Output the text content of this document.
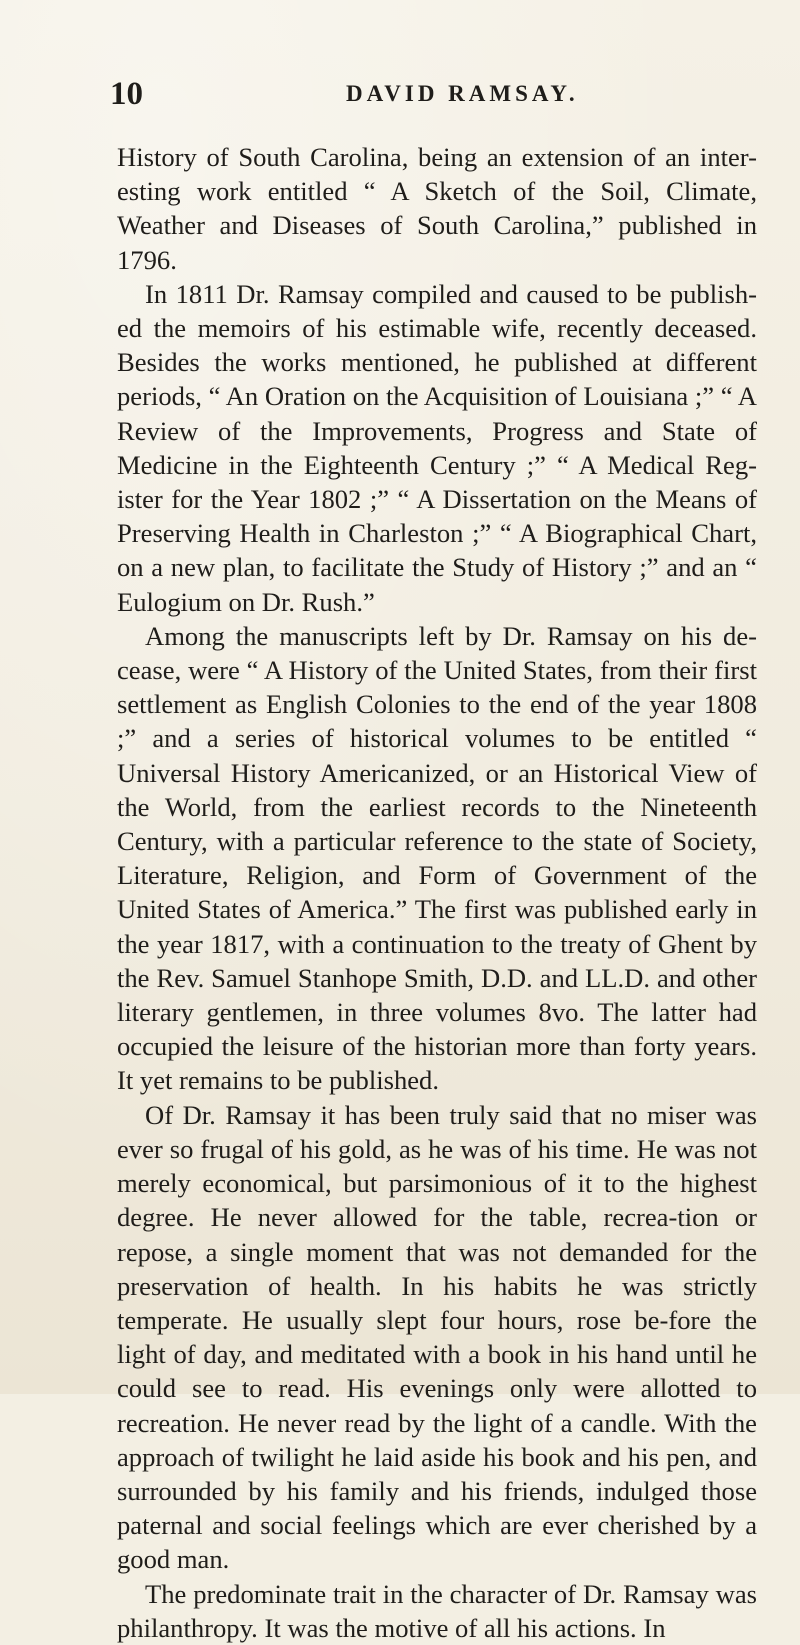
10	DAVID RAMSAY.

History of South Carolina, being an extension of an inter-esting work entitled “ A Sketch of the Soil, Climate, Weather and Diseases of South Carolina,” published in 1796.

In 1811 Dr. Ramsay compiled and caused to be publish-ed the memoirs of his estimable wife, recently deceased. Besides the works mentioned, he published at different periods, “ An Oration on the Acquisition of Louisiana ;” “ A Review of the Improvements, Progress and State of Medicine in the Eighteenth Century ;” “ A Medical Reg-ister for the Year 1802 ;” “ A Dissertation on the Means of Preserving Health in Charleston ;” “ A Biographical Chart, on a new plan, to facilitate the Study of History ;” and an “ Eulogium on Dr. Rush.”

Among the manuscripts left by Dr. Ramsay on his de-cease, were “ A History of the United States, from their first settlement as English Colonies to the end of the year 1808 ;” and a series of historical volumes to be entitled “ Universal History Americanized, or an Historical View of the World, from the earliest records to the Nineteenth Century, with a particular reference to the state of Society, Literature, Religion, and Form of Government of the United States of America.” The first was published early in the year 1817, with a continuation to the treaty of Ghent by the Rev. Samuel Stanhope Smith, D.D. and LL.D. and other literary gentlemen, in three volumes 8vo. The latter had occupied the leisure of the historian more than forty years. It yet remains to be published.

Of Dr. Ramsay it has been truly said that no miser was ever so frugal of his gold, as he was of his time. He was not merely economical, but parsimonious of it to the highest degree. He never allowed for the table, recrea-tion or repose, a single moment that was not demanded for the preservation of health. In his habits he was strictly temperate. He usually slept four hours, rose be-fore the light of day, and meditated with a book in his hand until he could see to read. His evenings only were allotted to recreation. He never read by the light of a candle. With the approach of twilight he laid aside his book and his pen, and surrounded by his family and his friends, indulged those paternal and social feelings which are ever cherished by a good man.

The predominate trait in the character of Dr. Ramsay was philanthropy. It was the motive of all his actions. In
